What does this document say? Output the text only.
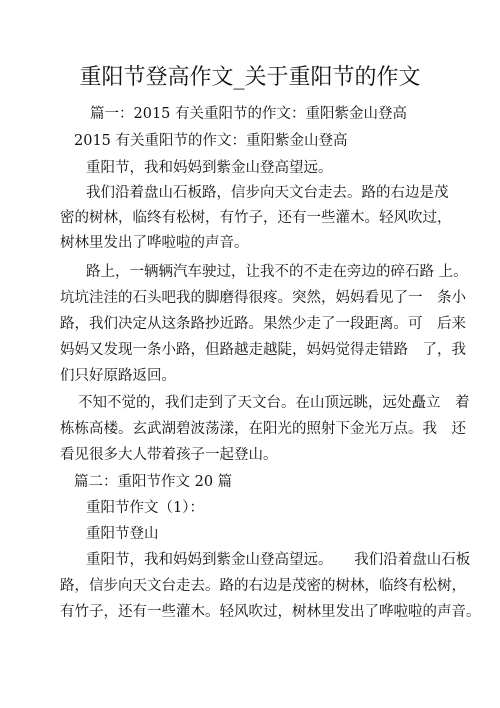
重阳节登高作文_关于重阳节的作文
篇一：2015 有关重阳节的作文：重阳紫金山登高
2015 有关重阳节的作文：重阳紫金山登高
重阳节，我和妈妈到紫金山登高望远。
我们沿着盘山石板路，信步向天文台走去。路的右边是茂
密的树林，临终有松树，有竹子，还有一些灌木。轻风吹过，
树林里发出了哗啦啦的声音。
路上，一辆辆汽车驶过，让我不的不走在旁边的碎石路 上。
坑坑洼洼的石头吧我的脚磨得很疼。突然，妈妈看见了一　条小
路，我们决定从这条路抄近路。果然少走了一段距离。可　后来
妈妈又发现一条小路，但路越走越陡，妈妈觉得走错路　了，我
们只好原路返回。
不知不觉的，我们走到了天文台。在山顶远眺，远处矗立　着
栋栋高楼。玄武湖碧波荡漾，在阳光的照射下金光万点。我　还
看见很多大人带着孩子一起登山。
篇二：重阳节作文 20 篇
重阳节作文（1）：
重阳节登山
重阳节，我和妈妈到紫金山登高望远。　　我们沿着盘山石板
路，信步向天文台走去。路的右边是茂密的树林，临终有松树，
有竹子，还有一些灌木。轻风吹过，树林里发出了哗啦啦的声音。
